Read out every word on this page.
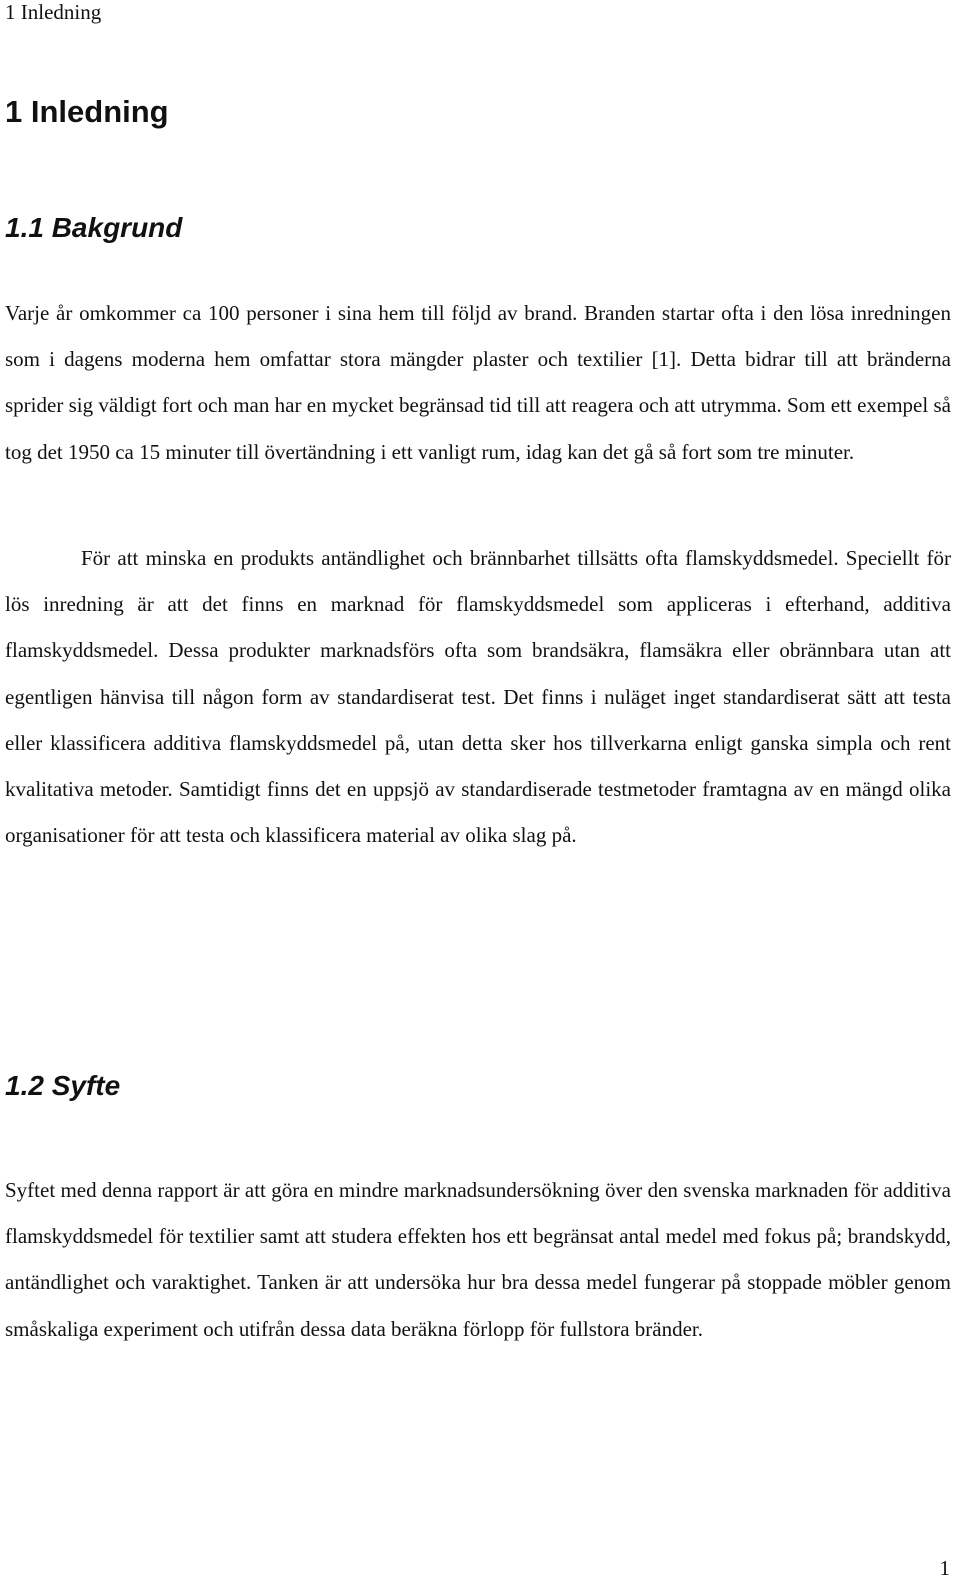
1 Inledning
1 Inledning
1.1 Bakgrund

Varje år omkommer ca 100 personer i sina hem till följd av brand. Branden startar ofta i den lösa inredningen som i dagens moderna hem omfattar stora mängder plaster och textilier [1]. Detta bidrar till att bränderna sprider sig väldigt fort och man har en mycket begränsad tid till att reagera och att utrymma. Som ett exempel så tog det 1950 ca 15 minuter till övertändning i ett vanligt rum, idag kan det gå så fort som tre minuter.

För att minska en produkts antändlighet och brännbarhet tillsätts ofta flamskyddsmedel. Speciellt för lös inredning är att det finns en marknad för flamskyddsmedel som appliceras i efterhand, additiva flamskyddsmedel. Dessa produkter marknadsförs ofta som brandsäkra, flamsäkra eller obrännbara utan att egentligen hänvisa till någon form av standardiserat test. Det finns i nuläget inget standardiserat sätt att testa eller klassificera additiva flamskyddsmedel på, utan detta sker hos tillverkarna enligt ganska simpla och rent kvalitativa metoder. Samtidigt finns det en uppsjö av standardiserade testmetoder framtagna av en mängd olika organisationer för att testa och klassificera material av olika slag på.

1.2 Syfte

Syftet med denna rapport är att göra en mindre marknadsundersökning över den svenska marknaden för additiva flamskyddsmedel för textilier samt att studera effekten hos ett begränsat antal medel med fokus på; brandskydd, antändlighet och varaktighet. Tanken är att undersöka hur bra dessa medel fungerar på stoppade möbler genom småskaliga experiment och utifrån dessa data beräkna förlopp för fullstora bränder.

1
